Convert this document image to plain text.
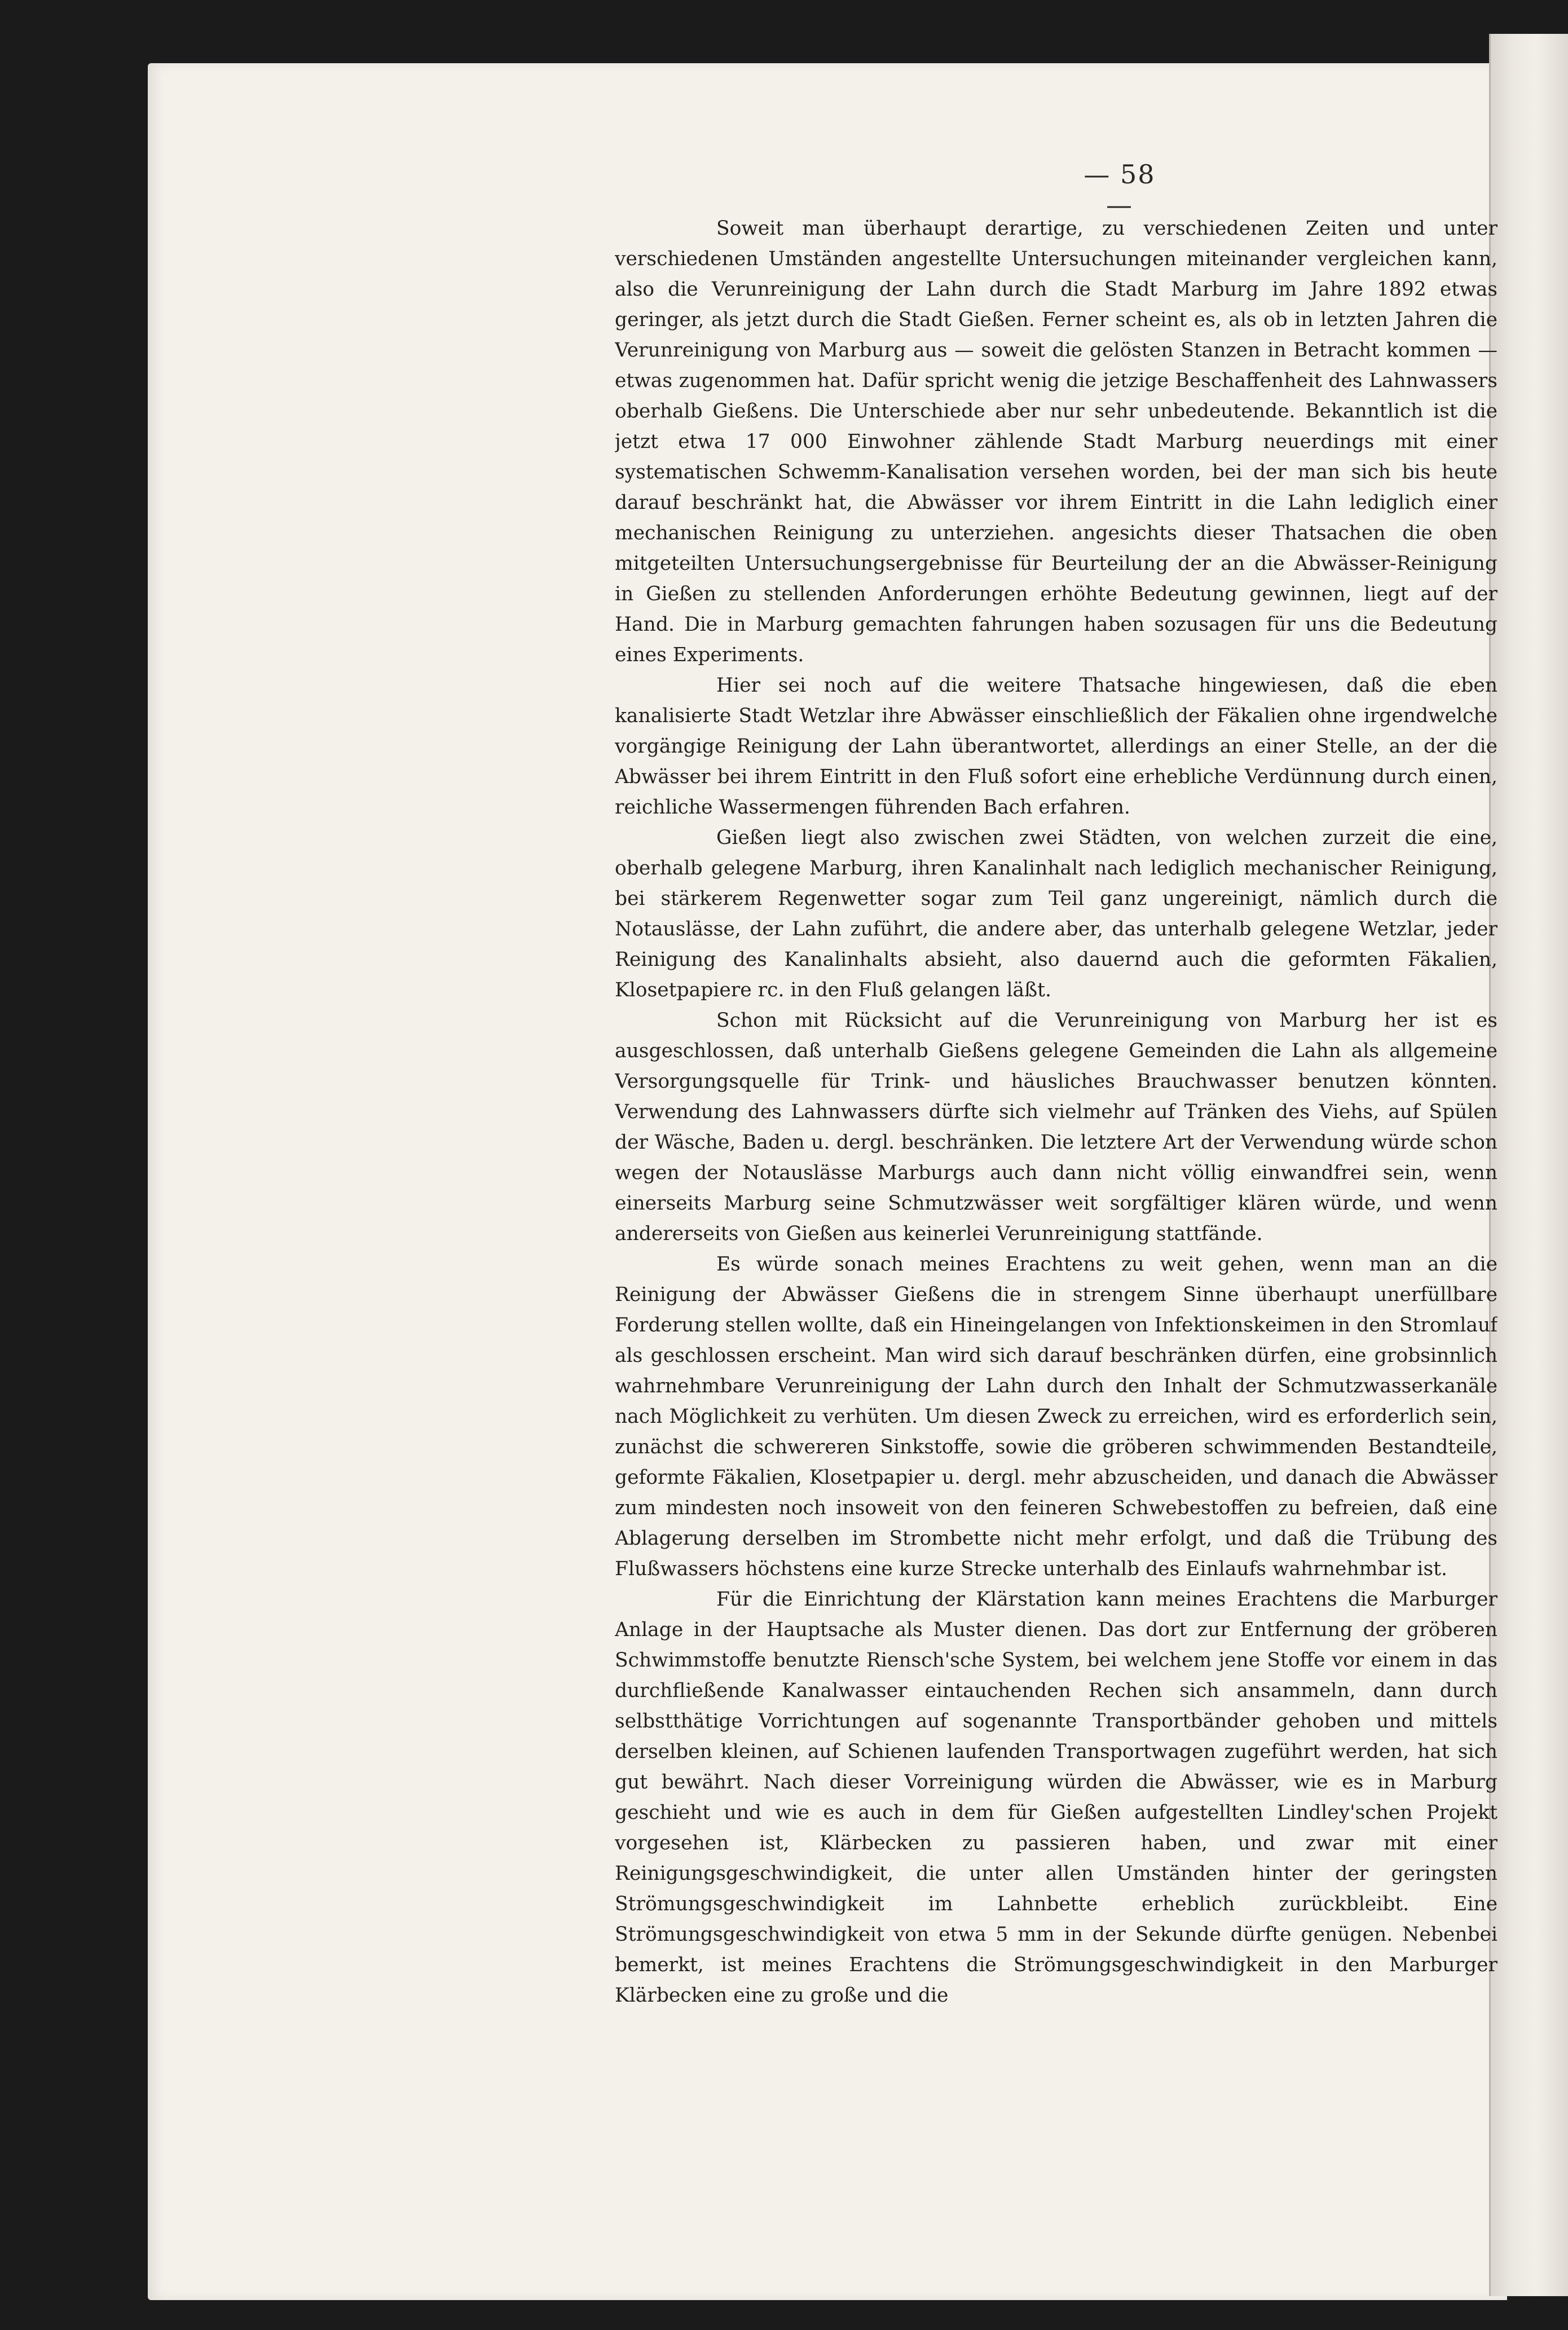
— 58 —

Soweit man überhaupt derartige, zu verschiedenen Zeiten und unter verschiedenen Umständen angestellte Untersuchungen miteinander vergleichen kann, also die Verunreinigung der Lahn durch die Stadt Marburg im Jahre 1892 etwas geringer, als jetzt durch die Stadt Gießen. Ferner scheint es, als ob in letzten Jahren die Verunreinigung von Marburg aus — soweit die gelösten Stanzen in Betracht kommen — etwas zugenommen hat. Dafür spricht wenig die jetzige Beschaffenheit des Lahnwassers oberhalb Gießens. Die Unterschiede aber nur sehr unbedeutende. Bekanntlich ist die jetzt etwa 17 000 Einwohner zählende Stadt Marburg neuerdings mit einer systematischen Schwemm-Kanalisation versehen worden, bei der man sich bis heute darauf beschränkt hat, die Abwässer vor ihrem Eintritt in die Lahn lediglich einer mechanischen Reinigung zu unterziehen. angesichts dieser Thatsachen die oben mitgeteilten Untersuchungsergebnisse für Beurteilung der an die Abwässer-Reinigung in Gießen zu stellenden Anforderungen erhöhte Bedeutung gewinnen, liegt auf der Hand. Die in Marburg gemachten fahrungen haben sozusagen für uns die Bedeutung eines Experiments.

Hier sei noch auf die weitere Thatsache hingewiesen, daß die eben kanalisierte Stadt Wetzlar ihre Abwässer einschließlich der Fäkalien ohne irgendwelche vorgängige Reinigung der Lahn überantwortet, allerdings an einer Stelle, an der die Abwässer bei ihrem Eintritt in den Fluß sofort eine erhebliche Verdünnung durch einen, reichliche Wassermengen führenden Bach erfahren.

Gießen liegt also zwischen zwei Städten, von welchen zurzeit die eine, oberhalb gelegene Marburg, ihren Kanalinhalt nach lediglich mechanischer Reinigung, bei stärkerem Regenwetter sogar zum Teil ganz ungereinigt, nämlich durch die Notauslässe, der Lahn zuführt, die andere aber, das unterhalb gelegene Wetzlar, jeder Reinigung des Kanalinhalts absieht, also dauernd auch die geformten Fäkalien, Klosetpapiere rc. in den Fluß gelangen läßt.

Schon mit Rücksicht auf die Verunreinigung von Marburg her ist es ausgeschlossen, daß unterhalb Gießens gelegene Gemeinden die Lahn als allgemeine Versorgungsquelle für Trink- und häusliches Brauchwasser benutzen könnten. Verwendung des Lahnwassers dürfte sich vielmehr auf Tränken des Viehs, auf Spülen der Wäsche, Baden u. dergl. beschränken. Die letztere Art der Verwendung würde schon wegen der Notauslässe Marburgs auch dann nicht völlig einwandfrei sein, wenn einerseits Marburg seine Schmutzwässer weit sorgfältiger klären würde, und wenn andererseits von Gießen aus keinerlei Verunreinigung stattfände.

Es würde sonach meines Erachtens zu weit gehen, wenn man an die Reinigung der Abwässer Gießens die in strengem Sinne überhaupt unerfüllbare Forderung stellen wollte, daß ein Hineingelangen von Infektionskeimen in den Stromlauf als geschlossen erscheint. Man wird sich darauf beschränken dürfen, eine grobsinnlich wahrnehmbare Verunreinigung der Lahn durch den Inhalt der Schmutzwasserkanäle nach Möglichkeit zu verhüten. Um diesen Zweck zu erreichen, wird es erforderlich sein, zunächst die schwereren Sinkstoffe, sowie die gröberen schwimmenden Bestandteile, geformte Fäkalien, Klosetpapier u. dergl. mehr abzuscheiden, und danach die Abwässer zum mindesten noch insoweit von den feineren Schwebestoffen zu befreien, daß eine Ablagerung derselben im Strombette nicht mehr erfolgt, und daß die Trübung des Flußwassers höchstens eine kurze Strecke unterhalb des Einlaufs wahrnehmbar ist.

Für die Einrichtung der Klärstation kann meines Erachtens die Marburger Anlage in der Hauptsache als Muster dienen. Das dort zur Entfernung der gröberen Schwimmstoffe benutzte Riensch'sche System, bei welchem jene Stoffe vor einem in das durchfließende Kanalwasser eintauchenden Rechen sich ansammeln, dann durch selbstthätige Vorrichtungen auf sogenannte Transportbänder gehoben und mittels derselben kleinen, auf Schienen laufenden Transportwagen zugeführt werden, hat sich gut bewährt. Nach dieser Vorreinigung würden die Abwässer, wie es in Marburg geschieht und wie es auch in dem für Gießen aufgestellten Lindley'schen Projekt vorgesehen ist, Klärbecken zu passieren haben, und zwar mit einer Reinigungsgeschwindigkeit, die unter allen Umständen hinter der geringsten Strömungsgeschwindigkeit im Lahnbette erheblich zurückbleibt. Eine Strömungsgeschwindigkeit von etwa 5 mm in der Sekunde dürfte genügen. Nebenbei bemerkt, ist meines Erachtens die Strömungsgeschwindigkeit in den Marburger Klärbecken eine zu große und die
